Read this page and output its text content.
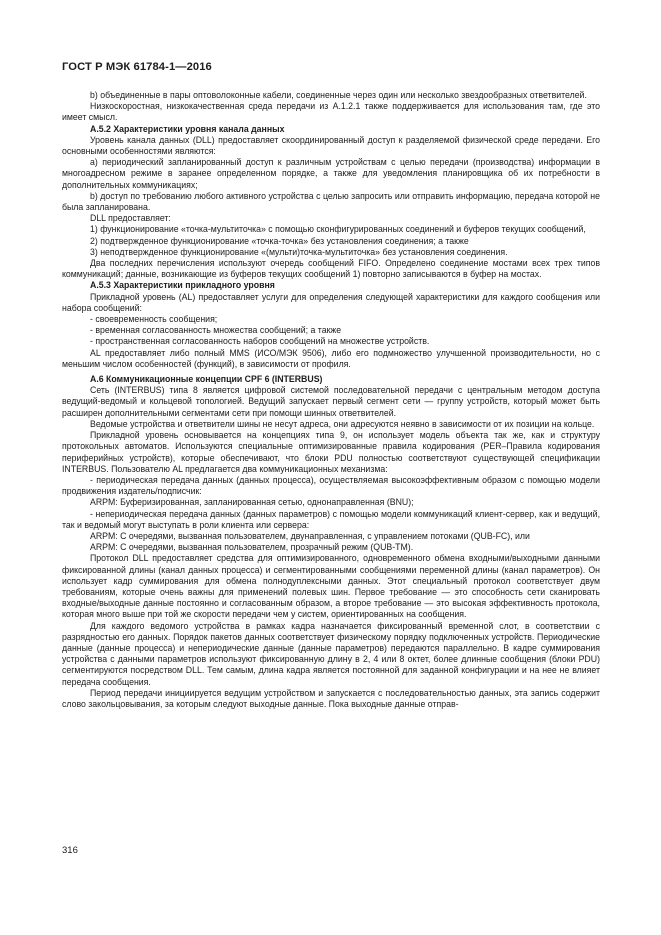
ГОСТ Р МЭК 61784-1—2016

b) объединенные в пары оптоволоконные кабели, соединенные через один или несколько звездообразных ответвителей.

Низкоскоростная, низкокачественная среда передачи из A.1.2.1 также поддерживается для использования там, где это имеет смысл.

A.5.2 Характеристики уровня канала данных

Уровень канала данных (DLL) предоставляет скоординированный доступ к разделяемой физической среде передачи. Его основными особенностями являются:

a) периодический запланированный доступ к различным устройствам с целью передачи (производства) информации в многоадресном режиме в заранее определенном порядке, а также для уведомления планировщика об их потребности в дополнительных коммуникациях;

b) доступ по требованию любого активного устройства с целью запросить или отправить информацию, передача которой не была запланирована.

DLL предоставляет:

1) функционирование «точка-мультиточка» с помощью сконфигурированных соединений и буферов текущих сообщений,

2) подтвержденное функционирование «точка-точка» без установления соединения; а также

3) неподтвержденное функционирование «(мульти)точка-мультиточка» без установления соединения.

Два последних перечисления используют очередь сообщений FIFO. Определено соединение мостами всех трех типов коммуникаций; данные, возникающие из буферов текущих сообщений 1) повторно записываются в буфер на мостах.

A.5.3 Характеристики прикладного уровня

Прикладной уровень (AL) предоставляет услуги для определения следующей характеристики для каждого сообщения или набора сообщений:

- своевременность сообщения;

- временная согласованность множества сообщений; а также

- пространственная согласованность наборов сообщений на множестве устройств.

AL предоставляет либо полный MMS (ИСО/МЭК 9506), либо его подмножество улучшенной производительности, но с меньшим числом особенностей (функций), в зависимости от профиля.

A.6 Коммуникационные концепции CPF 6 (INTERBUS)

Сеть (INTERBUS) типа 8 является цифровой системой последовательной передачи с центральным методом доступа ведущий-ведомый и кольцевой топологией. Ведущий запускает первый сегмент сети — группу устройств, который может быть расширен дополнительными сегментами сети при помощи шинных ответвителей.

Ведомые устройства и ответвители шины не несут адреса, они адресуются неявно в зависимости от их позиции на кольце.

Прикладной уровень основывается на концепциях типа 9, он использует модель объекта так же, как и структуру протокольных автоматов. Используются специальные оптимизированные правила кодирования (PER–Правила кодирования периферийных устройств), которые обеспечивают, что блоки PDU полностью соответствуют существующей спецификации INTERBUS. Пользователю AL предлагается два коммуникационных механизма:

- периодическая передача данных (данных процесса), осуществляемая высокоэффективным образом с помощью модели продвижения издатель/подписчик:

ARPM: Буферизированная, запланированная сетью, однонаправленная (BNU);

- непериодическая передача данных (данных параметров) с помощью модели коммуникаций клиент-сервер, как и ведущий, так и ведомый могут выступать в роли клиента или сервера:

ARPM: С очередями, вызванная пользователем, двунаправленная, с управлением потоками (QUB-FC), или

ARPM: С очередями, вызванная пользователем, прозрачный режим (QUB-TM).

Протокол DLL предоставляет средства для оптимизированного, одновременного обмена входными/выходными данными фиксированной длины (канал данных процесса) и сегментированными сообщениями переменной длины (канал параметров). Он использует кадр суммирования для обмена полнодуплексными данных. Этот специальный протокол соответствует двум требованиям, которые очень важны для применений полевых шин. Первое требование — это способность сети сканировать входные/выходные данные постоянно и согласованным образом, а второе требование — это высокая эффективность протокола, которая много выше при той же скорости передачи чем у систем, ориентированных на сообщения.

Для каждого ведомого устройства в рамках кадра назначается фиксированный временной слот, в соответствии с разрядностью его данных. Порядок пакетов данных соответствует физическому порядку подключенных устройств. Периодические данные (данные процесса) и непериодические данные (данные параметров) передаются параллельно. В кадре суммирования устройства с данными параметров используют фиксированную длину в 2, 4 или 8 октет, более длинные сообщения (блоки PDU) сегментируются посредством DLL. Тем самым, длина кадра является постоянной для заданной конфигурации и на нее не влияет передача сообщения.

Период передачи инициируется ведущим устройством и запускается с последовательностью данных, эта запись содержит слово закольцовывания, за которым следуют выходные данные. Пока выходные данные отправ-

316
